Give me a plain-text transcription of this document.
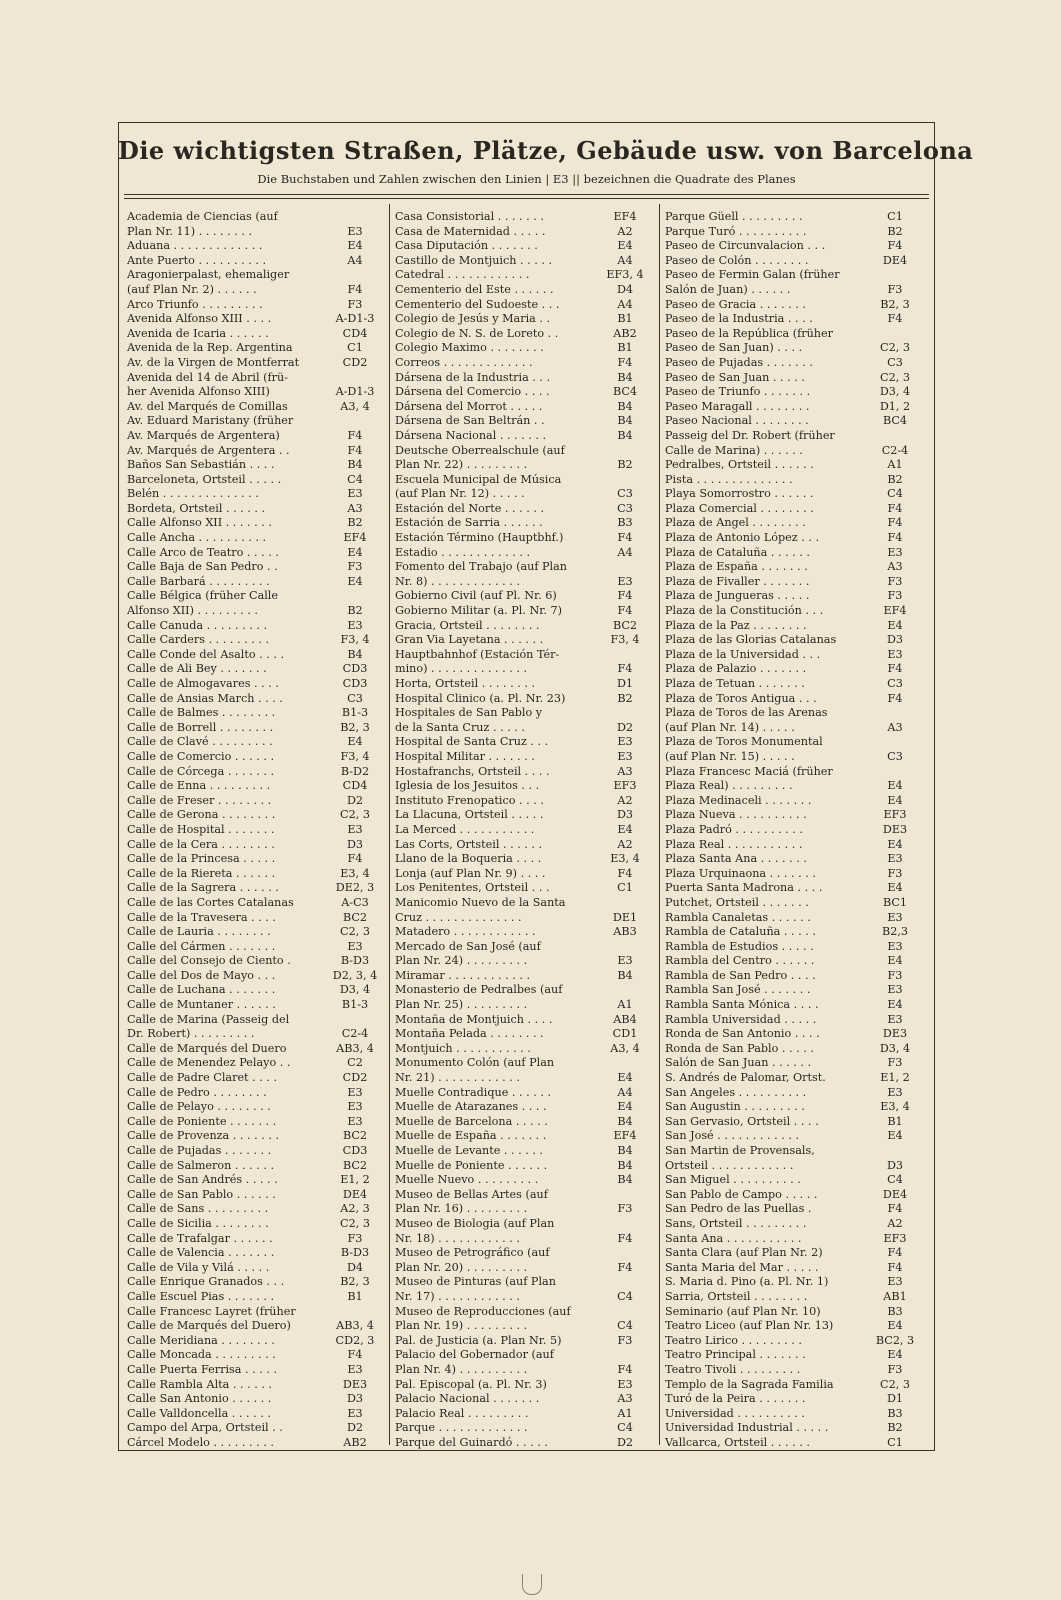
Die wichtigsten Straßen, Plätze, Gebäude usw. von Barcelona
Die Buchstaben und Zahlen zwischen den Linien | E3 || bezeichnen die Quadrate des Planes
Academia de Ciencias (auf
Plan Nr. 11) . . . . . . . .	E3
Aduana . . . . . . . . . . . . .	E4
Ante Puerto . . . . . . . . . .	A4
Aragonierpalast, ehemaliger
(auf Plan Nr. 2) . . . . . .	F4
Arco Triunfo . . . . . . . . .	F3
Avenida Alfonso XIII . . . .	A-D1-3
Avenida de Icaria . . . . . .	CD4
Avenida de la Rep. Argentina	C1
Av. de la Virgen de Montferrat	CD2
Avenida del 14 de Abril (frü-
her Avenida Alfonso XIII)	A-D1-3
Av. del Marqués de Comillas	A3, 4
Av. Eduard Maristany (früher
Av. Marqués de Argentera)	F4
Av. Marqués de Argentera . .	F4
Baños San Sebastián . . . .	B4
Barceloneta, Ortsteil . . . . .	C4
Belén . . . . . . . . . . . . . .	E3
Bordeta, Ortsteil . . . . . .	A3
Calle Alfonso XII . . . . . . .	B2
Calle Ancha . . . . . . . . . .	EF4
Calle Arco de Teatro . . . . .	E4
Calle Baja de San Pedro . .	F3
Calle Barbará . . . . . . . . .	E4
Calle Bélgica (früher Calle
Alfonso XII) . . . . . . . . .	B2
Calle Canuda . . . . . . . . .	E3
Calle Carders . . . . . . . . .	F3, 4
Calle Conde del Asalto . . . .	B4
Calle de Ali Bey . . . . . . .	CD3
Calle de Almogavares . . . .	CD3
Calle de Ansias March . . . .	C3
Calle de Balmes . . . . . . . .	B1-3
Calle de Borrell . . . . . . . .	B2, 3
Calle de Clavé . . . . . . . . .	E4
Calle de Comercio . . . . . .	F3, 4
Calle de Córcega . . . . . . .	B-D2
Calle de Enna . . . . . . . . .	CD4
Calle de Freser . . . . . . . .	D2
Calle de Gerona . . . . . . . .	C2, 3
Calle de Hospital . . . . . . .	E3
Calle de la Cera . . . . . . . .	D3
Calle de la Princesa . . . . .	F4
Calle de la Riereta . . . . . .	E3, 4
Calle de la Sagrera . . . . . .	DE2, 3
Calle de las Cortes Catalanas	A-C3
Calle de la Travesera . . . .	BC2
Calle de Lauria . . . . . . . .	C2, 3
Calle del Cármen . . . . . . .	E3
Calle del Consejo de Ciento .	B-D3
Calle del Dos de Mayo . . .	D2, 3, 4
Calle de Luchana . . . . . . .	D3, 4
Calle de Muntaner . . . . . .	B1-3
Calle de Marina (Passeig del
Dr. Robert) . . . . . . . . .	C2-4
Calle de Marqués del Duero	AB3, 4
Calle de Menendez Pelayo . .	C2
Calle de Padre Claret . . . .	CD2
Calle de Pedro . . . . . . . .	E3
Calle de Pelayo . . . . . . . .	E3
Calle de Poniente . . . . . . .	E3
Calle de Provenza . . . . . . .	BC2
Calle de Pujadas . . . . . . .	CD3
Calle de Salmeron . . . . . .	BC2
Calle de San Andrés . . . . .	E1, 2
Calle de San Pablo . . . . . .	DE4
Calle de Sans . . . . . . . . .	A2, 3
Calle de Sicilia . . . . . . . .	C2, 3
Calle de Trafalgar . . . . . .	F3
Calle de Valencia . . . . . . .	B-D3
Calle de Vila y Vilá . . . . .	D4
Calle Enrique Granados . . .	B2, 3
Calle Escuel Pias . . . . . . .	B1
Calle Francesc Layret (früher
Calle de Marqués del Duero)	AB3, 4
Calle Meridiana . . . . . . . .	CD2, 3
Calle Moncada . . . . . . . . .	F4
Calle Puerta Ferrisa . . . . .	E3
Calle Rambla Alta . . . . . .	DE3
Calle San Antonio . . . . . .	D3
Calle Valldoncella . . . . . .	E3
Campo del Arpa, Ortsteil . .	D2
Cárcel Modelo . . . . . . . . .	AB2
Casa Consistorial . . . . . . .	EF4
Casa de Maternidad . . . . .	A2
Casa Diputación . . . . . . .	E4
Castillo de Montjuich . . . . .	A4
Catedral . . . . . . . . . . . .	EF3, 4
Cementerio del Este . . . . . .	D4
Cementerio del Sudoeste . . .	A4
Colegio de Jesús y Maria . .	B1
Colegio de N. S. de Loreto . .	AB2
Colegio Maximo . . . . . . . .	B1
Correos . . . . . . . . . . . . .	F4
Dársena de la Industria . . .	B4
Dársena del Comercio . . . .	BC4
Dársena del Morrot . . . . .	B4
Dársena de San Beltrán . .	B4
Dársena Nacional . . . . . . .	B4
Deutsche Oberrealschule (auf
Plan Nr. 22) . . . . . . . . .	B2
Escuela Municipal de Música
(auf Plan Nr. 12) . . . . .	C3
Estación del Norte . . . . . .	C3
Estación de Sarria . . . . . .	B3
Estación Término (Hauptbhf.)	F4
Estadio . . . . . . . . . . . . .	A4
Fomento del Trabajo (auf Plan
Nr. 8) . . . . . . . . . . . . .	E3
Gobierno Civil (auf Pl. Nr. 6)	F4
Gobierno Militar (a. Pl. Nr. 7)	F4
Gracia, Ortsteil . . . . . . . .	BC2
Gran Via Layetana . . . . . .	F3, 4
Hauptbahnhof (Estación Tér-
mino) . . . . . . . . . . . . . .	F4
Horta, Ortsteil . . . . . . . .	D1
Hospital Clinico (a. Pl. Nr. 23)	B2
Hospitales de San Pablo y
de la Santa Cruz . . . . .	D2
Hospital de Santa Cruz . . .	E3
Hospital Militar . . . . . . .	E3
Hostafranchs, Ortsteil . . . .	A3
Iglesia de los Jesuitos . . .	EF3
Instituto Frenopatico . . . .	A2
La Llacuna, Ortsteil . . . . .	D3
La Merced . . . . . . . . . . .	E4
Las Corts, Ortsteil . . . . . .	A2
Llano de la Boqueria . . . .	E3, 4
Lonja (auf Plan Nr. 9) . . . .	F4
Los Penitentes, Ortsteil . . .	C1
Manicomio Nuevo de la Santa
Cruz . . . . . . . . . . . . . .	DE1
Matadero . . . . . . . . . . . .	AB3
Mercado de San José (auf
Plan Nr. 24) . . . . . . . . .	E3
Miramar . . . . . . . . . . . .	B4
Monasterio de Pedralbes (auf
Plan Nr. 25) . . . . . . . . .	A1
Montaña de Montjuich . . . .	AB4
Montaña Pelada . . . . . . . .	CD1
Montjuich . . . . . . . . . . .	A3, 4
Monumento Colón (auf Plan
Nr. 21) . . . . . . . . . . . .	E4
Muelle Contradique . . . . . .	A4
Muelle de Atarazanes . . . .	E4
Muelle de Barcelona . . . . .	B4
Muelle de España . . . . . . .	EF4
Muelle de Levante . . . . . .	B4
Muelle de Poniente . . . . . .	B4
Muelle Nuevo . . . . . . . . .	B4
Museo de Bellas Artes (auf
Plan Nr. 16) . . . . . . . . .	F3
Museo de Biologia (auf Plan
Nr. 18) . . . . . . . . . . . .	F4
Museo de Petrográfico (auf
Plan Nr. 20) . . . . . . . . .	F4
Museo de Pinturas (auf Plan
Nr. 17) . . . . . . . . . . . .	C4
Museo de Reproducciones (auf
Plan Nr. 19) . . . . . . . . .	C4
Pal. de Justicia (a. Plan Nr. 5)	F3
Palacio del Gobernador (auf
Plan Nr. 4) . . . . . . . . . .	F4
Pal. Episcopal (a. Pl. Nr. 3)	E3
Palacio Nacional . . . . . . .	A3
Palacio Real . . . . . . . . .	A1
Parque . . . . . . . . . . . . .	C4
Parque del Guinardó . . . . .	D2
Parque Güell . . . . . . . . .	C1
Parque Turó . . . . . . . . . .	B2
Paseo de Circunvalacion . . .	F4
Paseo de Colón . . . . . . . .	DE4
Paseo de Fermin Galan (früher
Salón de Juan) . . . . . .	F3
Paseo de Gracia . . . . . . .	B2, 3
Paseo de la Industria . . . .	F4
Paseo de la República (früher
Paseo de San Juan) . . . .	C2, 3
Paseo de Pujadas . . . . . . .	C3
Paseo de San Juan . . . . .	C2, 3
Paseo de Triunfo . . . . . . .	D3, 4
Paseo Maragall . . . . . . . .	D1, 2
Paseo Nacional . . . . . . . .	BC4
Passeig del Dr. Robert (früher
Calle de Marina) . . . . . .	C2-4
Pedralbes, Ortsteil . . . . . .	A1
Pista . . . . . . . . . . . . . .	B2
Playa Somorrostro . . . . . .	C4
Plaza Comercial . . . . . . . .	F4
Plaza de Angel . . . . . . . .	F4
Plaza de Antonio López . . .	F4
Plaza de Cataluña . . . . . .	E3
Plaza de España . . . . . . .	A3
Plaza de Fivaller . . . . . . .	F3
Plaza de Jungueras . . . . .	F3
Plaza de la Constitución . . .	EF4
Plaza de la Paz . . . . . . . .	E4
Plaza de las Glorias Catalanas	D3
Plaza de la Universidad . . .	E3
Plaza de Palazio . . . . . . .	F4
Plaza de Tetuan . . . . . . .	C3
Plaza de Toros Antigua . . .	F4
Plaza de Toros de las Arenas
(auf Plan Nr. 14) . . . . .	A3
Plaza de Toros Monumental
(auf Plan Nr. 15) . . . . .	C3
Plaza Francesc Maciá (früher
Plaza Real) . . . . . . . . .	E4
Plaza Medinaceli . . . . . . .	E4
Plaza Nueva . . . . . . . . . .	EF3
Plaza Padró . . . . . . . . . .	DE3
Plaza Real . . . . . . . . . . .	E4
Plaza Santa Ana . . . . . . .	E3
Plaza Urquinaona . . . . . . .	F3
Puerta Santa Madrona . . . .	E4
Putchet, Ortsteil . . . . . . .	BC1
Rambla Canaletas . . . . . .	E3
Rambla de Cataluña . . . . .	B2,3
Rambla de Estudios . . . . .	E3
Rambla del Centro . . . . . .	E4
Rambla de San Pedro . . . .	F3
Rambla San José . . . . . . .	E3
Rambla Santa Mónica . . . .	E4
Rambla Universidad . . . . .	E3
Ronda de San Antonio . . . .	DE3
Ronda de San Pablo . . . . .	D3, 4
Salón de San Juan . . . . . .	F3
S. Andrés de Palomar, Ortst.	E1, 2
San Angeles . . . . . . . . . .	E3
San Augustin . . . . . . . . .	E3, 4
San Gervasio, Ortsteil . . . .	B1
San José . . . . . . . . . . . .	E4
San Martin de Provensals,
Ortsteil . . . . . . . . . . . .	D3
San Miguel . . . . . . . . . .	C4
San Pablo de Campo . . . . .	DE4
San Pedro de las Puellas .	F4
Sans, Ortsteil . . . . . . . . .	A2
Santa Ana . . . . . . . . . . .	EF3
Santa Clara (auf Plan Nr. 2)	F4
Santa Maria del Mar . . . . .	F4
S. Maria d. Pino (a. Pl. Nr. 1)	E3
Sarria, Ortsteil . . . . . . . .	AB1
Seminario (auf Plan Nr. 10)	B3
Teatro Liceo (auf Plan Nr. 13)	E4
Teatro Lirico . . . . . . . . .	BC2, 3
Teatro Principal . . . . . . .	E4
Teatro Tivoli . . . . . . . . .	F3
Templo de la Sagrada Familia	C2, 3
Turó de la Peira . . . . . . .	D1
Universidad . . . . . . . . . .	B3
Universidad Industrial . . . . .	B2
Vallcarca, Ortsteil . . . . . .	C1
